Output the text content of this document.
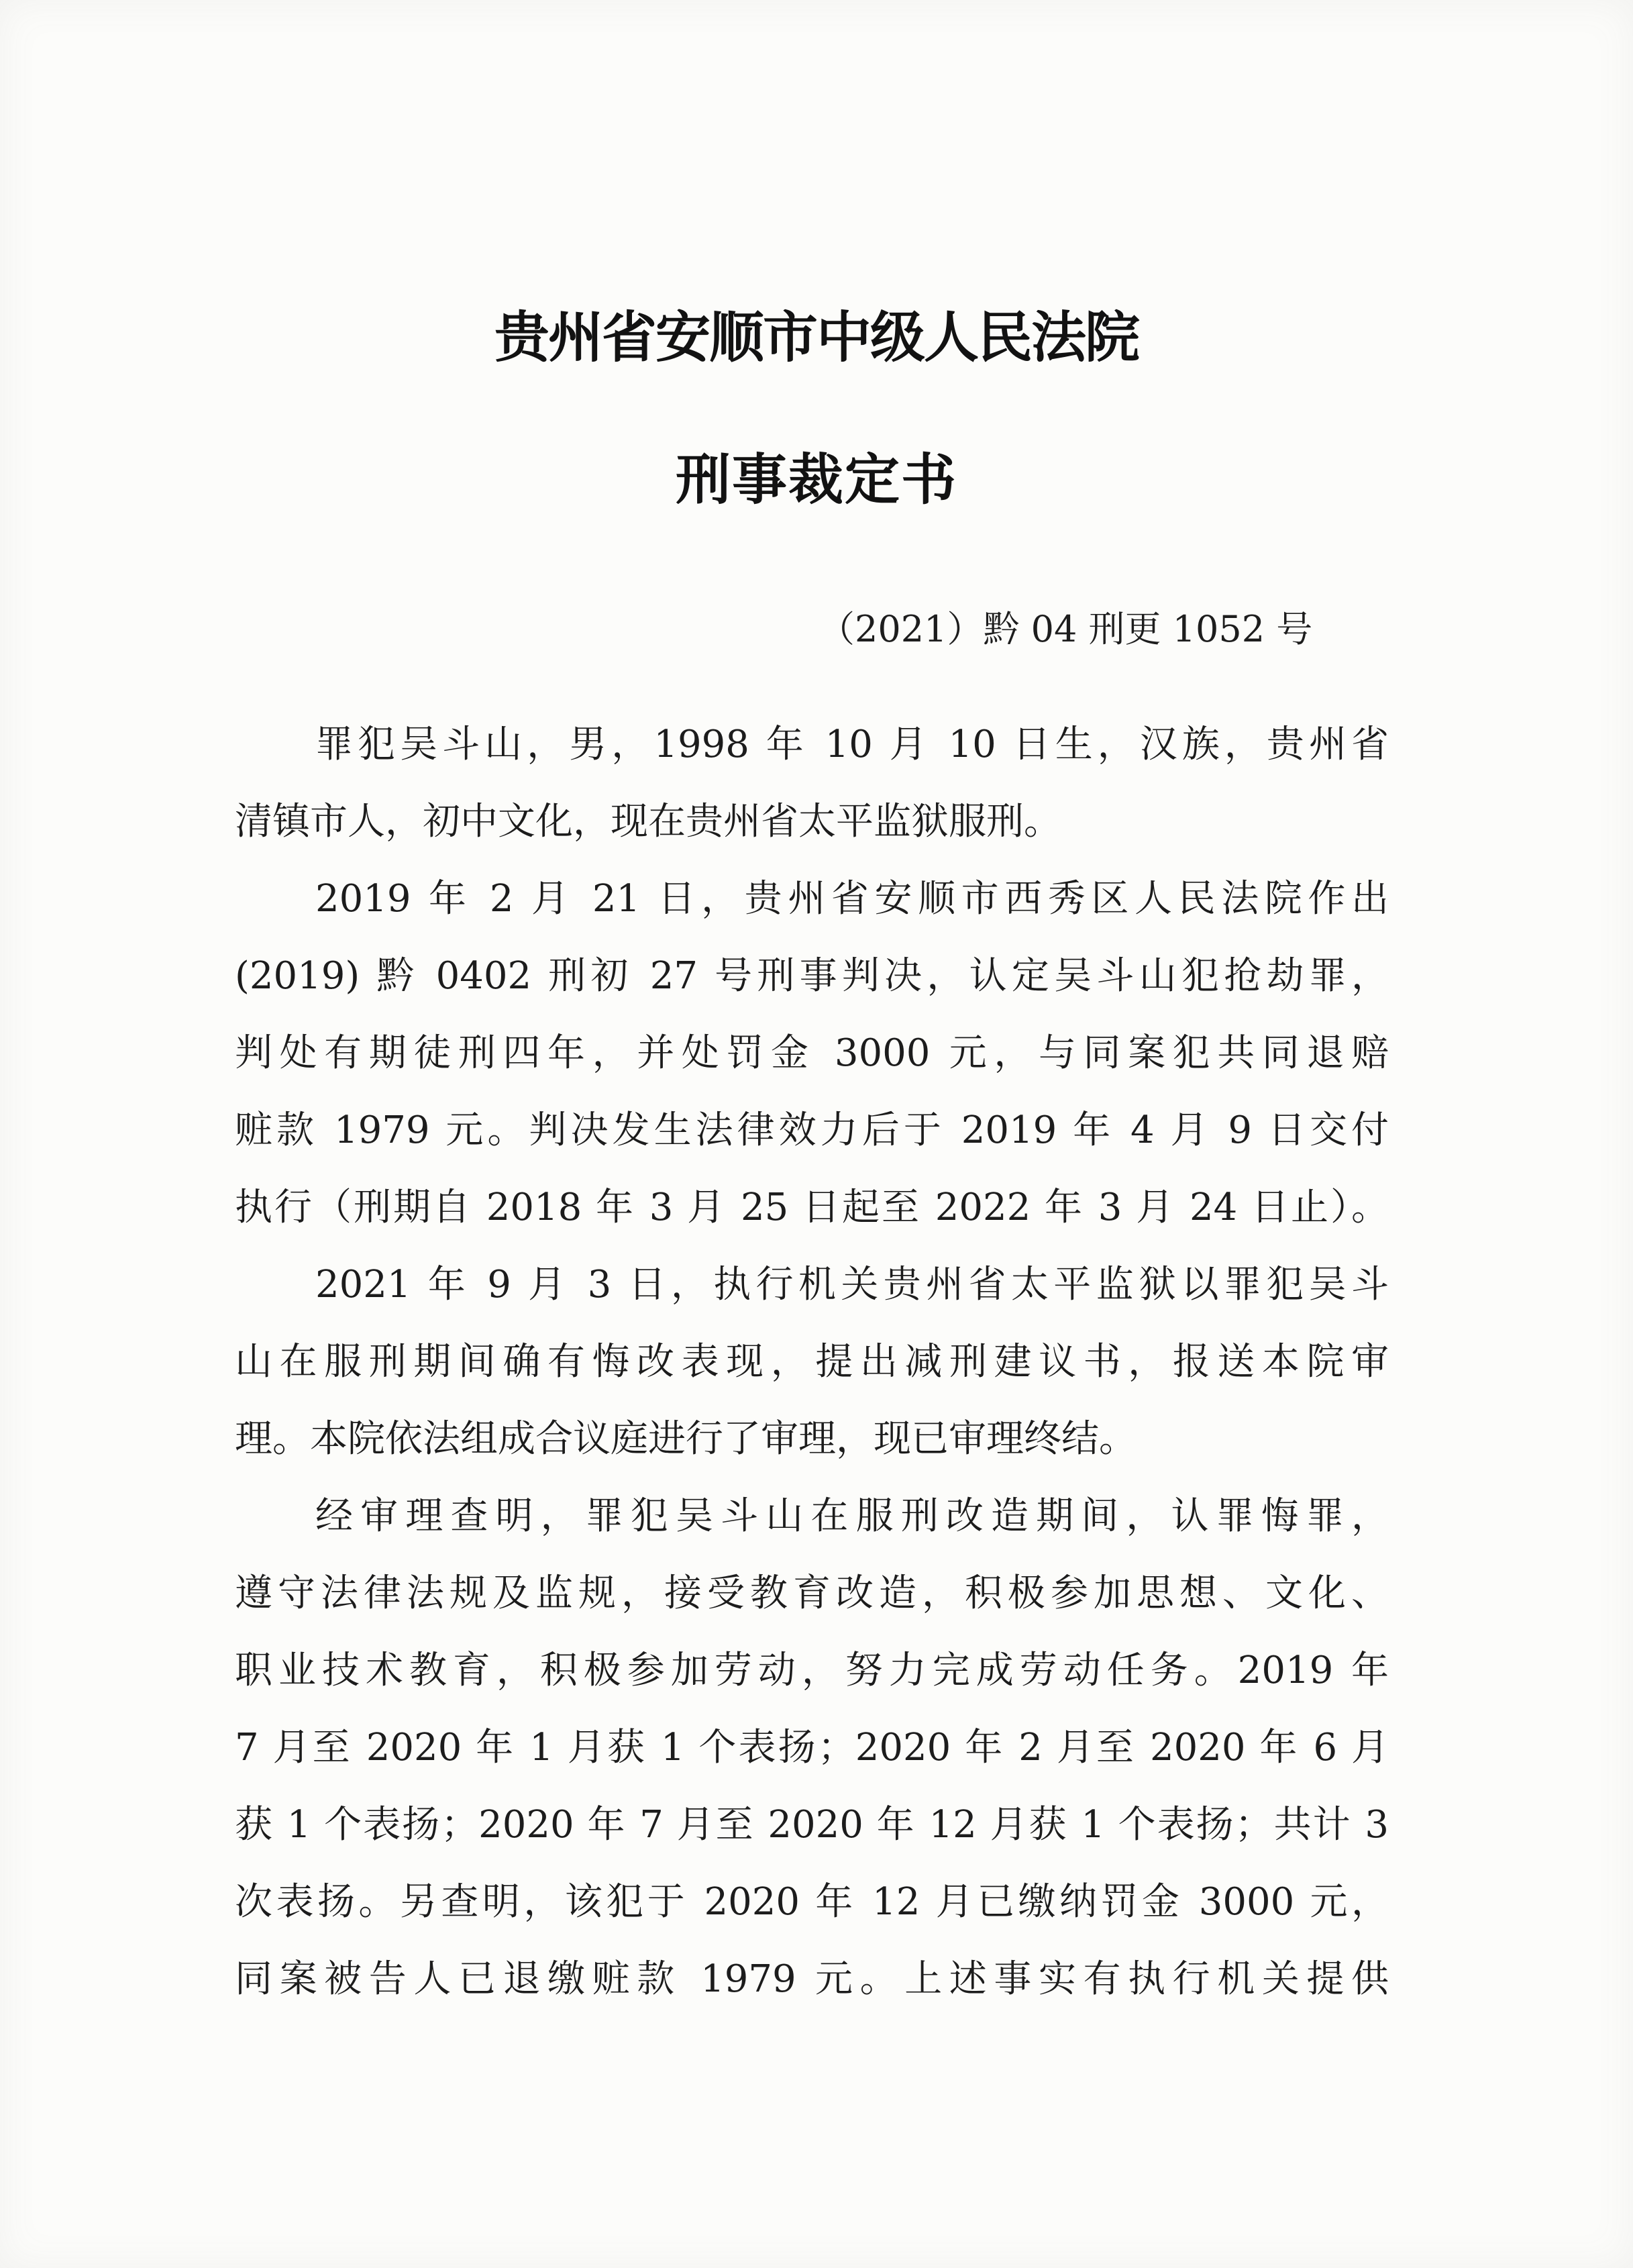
贵州省安顺市中级人民法院
刑事裁定书
（2021）黔 04 刑更 1052 号
罪犯吴斗山，男，1998 年 10 月 10 日生，汉族，贵州省
清镇市人，初中文化，现在贵州省太平监狱服刑。
2019 年 2 月 21 日，贵州省安顺市西秀区人民法院作出
(2019) 黔 0402 刑初 27 号刑事判决，认定吴斗山犯抢劫罪，
判处有期徒刑四年，并处罚金 3000 元，与同案犯共同退赔
赃款 1979 元。判决发生法律效力后于 2019 年 4 月 9 日交付
执行（刑期自 2018 年 3 月 25 日起至 2022 年 3 月 24 日止）。
2021 年 9 月 3 日，执行机关贵州省太平监狱以罪犯吴斗
山在服刑期间确有悔改表现，提出减刑建议书，报送本院审
理。本院依法组成合议庭进行了审理，现已审理终结。
经审理查明，罪犯吴斗山在服刑改造期间，认罪悔罪，
遵守法律法规及监规，接受教育改造，积极参加思想、文化、
职业技术教育，积极参加劳动，努力完成劳动任务。2019 年
7 月至 2020 年 1 月获 1 个表扬；2020 年 2 月至 2020 年 6 月
获 1 个表扬；2020 年 7 月至 2020 年 12 月获 1 个表扬；共计 3
次表扬。另查明，该犯于 2020 年 12 月已缴纳罚金 3000 元，
同案被告人已退缴赃款 1979 元。上述事实有执行机关提供
